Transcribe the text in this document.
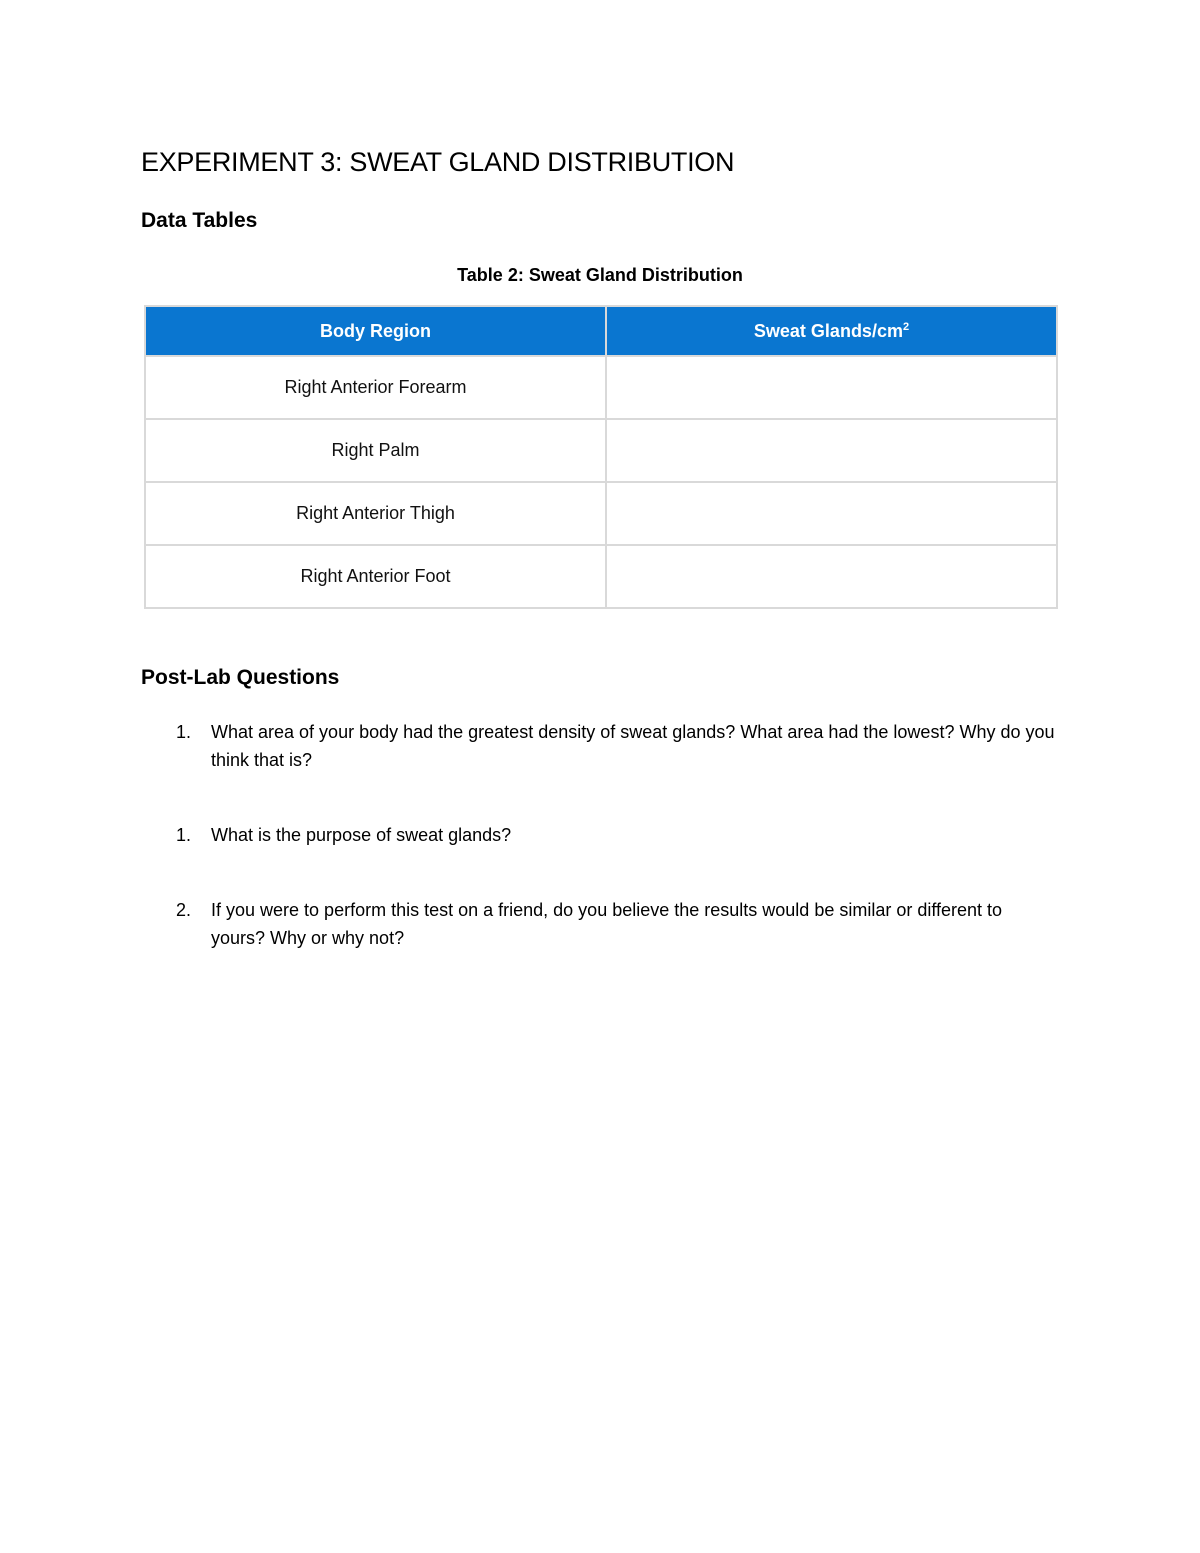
EXPERIMENT 3: SWEAT GLAND DISTRIBUTION
Data Tables

Table 2: Sweat Gland Distribution

Body Region	Sweat Glands/$cm^2$
Right Anterior Forearm	
Right Palm	
Right Anterior Thigh	
Right Anterior Foot	
Post-Lab Questions
1. What area of your body had the greatest density of sweat glands? What area had the lowest? Why do you think that is?
1. What is the purpose of sweat glands?
2. If you were to perform this test on a friend, do you believe the results would be similar or different to yours? Why or why not?
